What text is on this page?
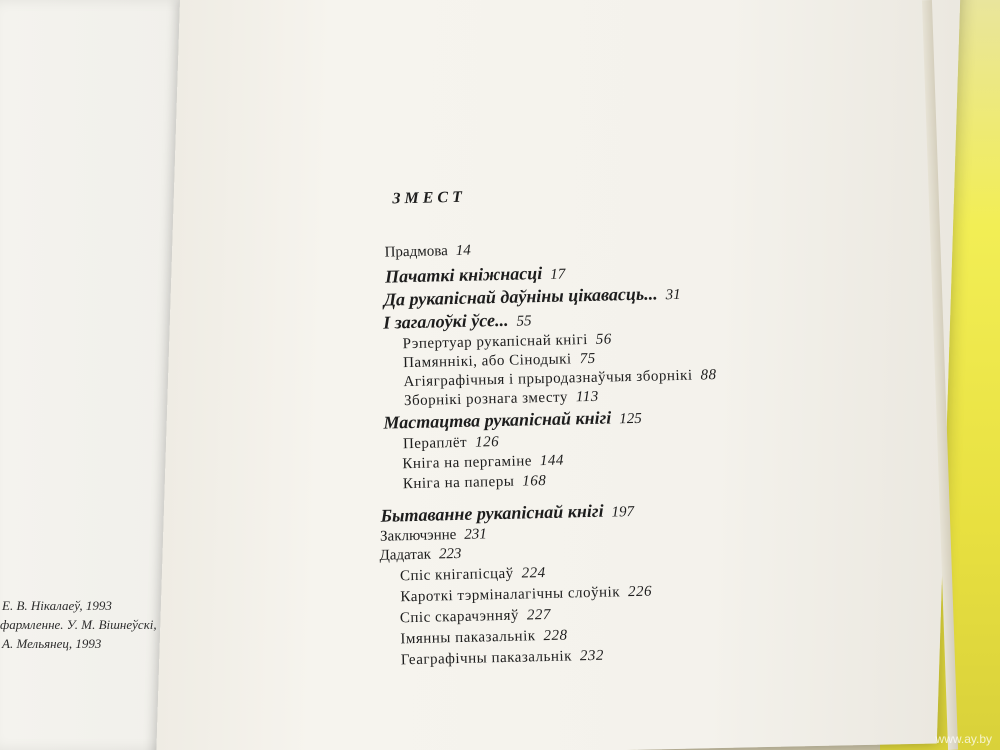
Е. В. Нікалаеў, 1993
фармленне. У. М. Вішнеўскі,
А. Мельянец, 1993
ЗМЕСТ
Прадмова 14
Пачаткі кніжнасці 17
Да рукапіснай даўніны цікавасць... 31
І загалоўкі ўсе... 55
Рэпертуар рукапіснай кнігі 56
Памяннікі, або Сінодыкі 75
Агіяграфічныя і прыродазнаўчыя зборнікі 88
Зборнікі рознага зместу 113
Мастацтва рукапіснай кнігі 125
Пераплёт 126
Кніга на пергаміне 144
Кніга на паперы 168
Бытаванне рукапіснай кнігі 197
Заключэнне 231
Дадатак 223
Спіс кнігапісцаў 224
Кароткі тэрміналагічны слоўнік 226
Спіс скарачэнняў 227
Імянны паказальнік 228
Геаграфічны паказальнік 232
www.ay.by
